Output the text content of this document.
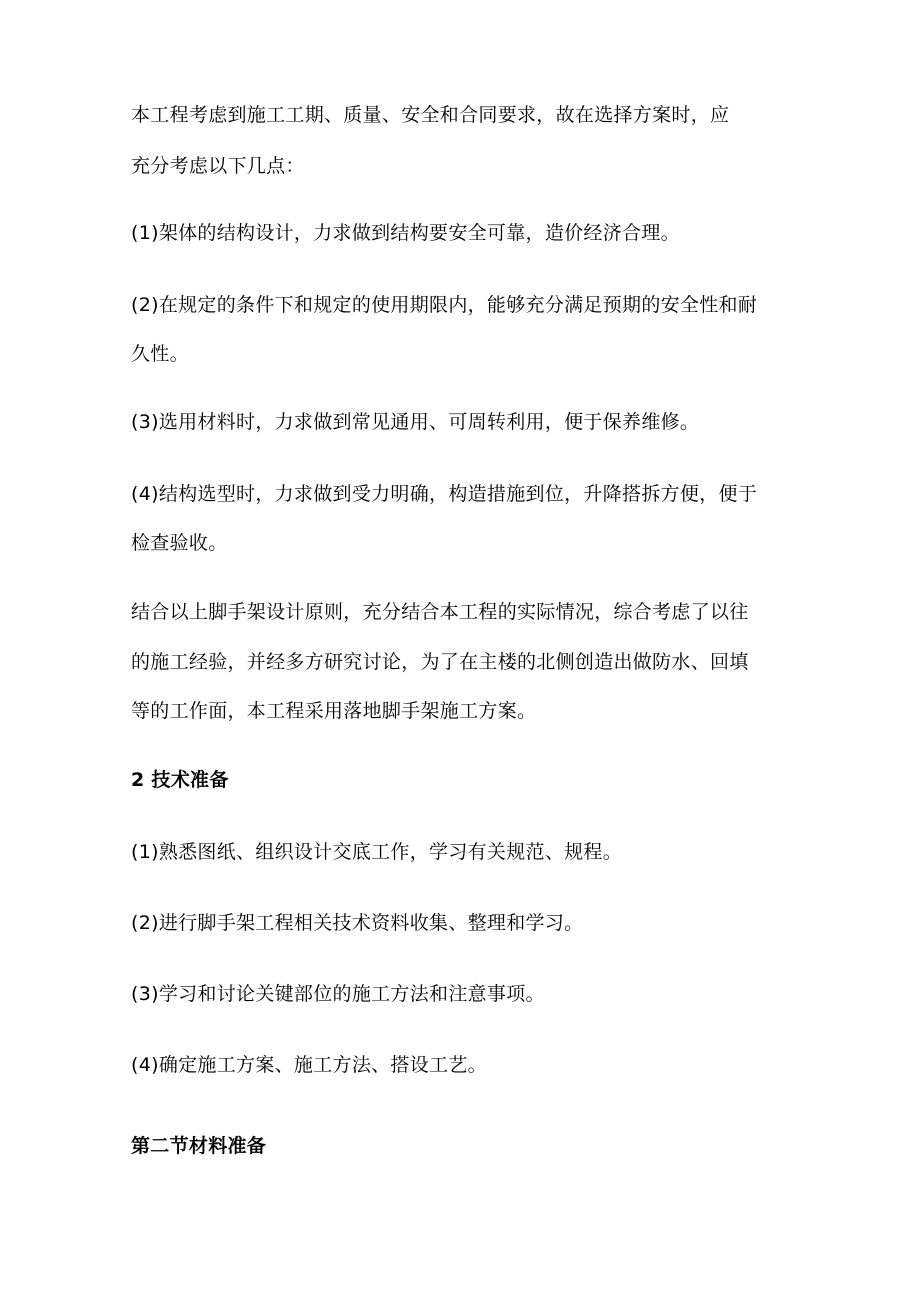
本工程考虑到施工工期、质量、安全和合同要求，故在选择方案时，应
充分考虑以下几点：
(1)架体的结构设计，力求做到结构要安全可靠，造价经济合理。
(2)在规定的条件下和规定的使用期限内，能够充分满足预期的安全性和耐
久性。
(3)选用材料时，力求做到常见通用、可周转利用，便于保养维修。
(4)结构选型时，力求做到受力明确，构造措施到位，升降搭拆方便，便于
检查验收。
结合以上脚手架设计原则，充分结合本工程的实际情况，综合考虑了以往
的施工经验，并经多方研究讨论，为了在主楼的北侧创造出做防水、回填
等的工作面，本工程采用落地脚手架施工方案。
2 技术准备
(1)熟悉图纸、组织设计交底工作，学习有关规范、规程。
(2)进行脚手架工程相关技术资料收集、整理和学习。
(3)学习和讨论关键部位的施工方法和注意事项。
(4)确定施工方案、施工方法、搭设工艺。
第二节材料准备
